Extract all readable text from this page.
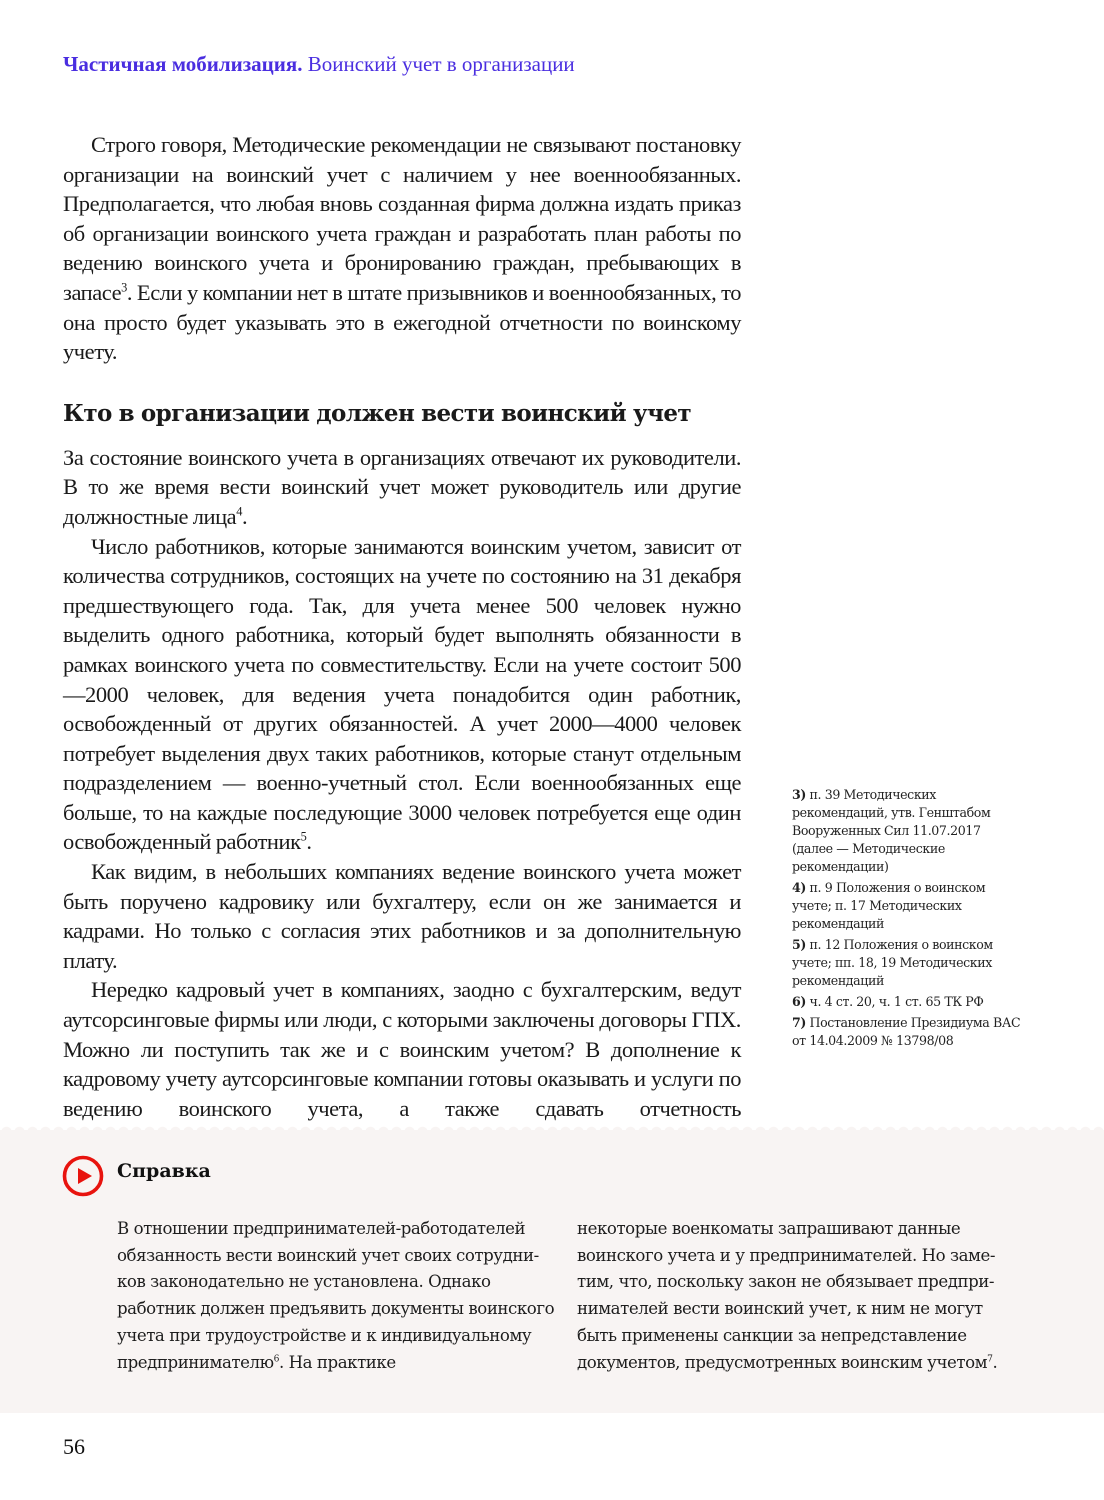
Частичная мобилизация. Воинский учет в организации

Строго говоря, Методические рекомендации не связывают постановку организации на воинский учет с наличием у нее военнообязанных. Предполагается, что любая вновь созданная фирма должна издать приказ об организации воинского учета граждан и разработать план работы по ведению воинского учета и бронированию граждан, пребывающих в запасе$^3$. Если у компании нет в штате призывников и военнообязанных, то она просто будет указывать это в ежегодной отчетности по воинскому учету.

Кто в организации должен вести воинский учет

За состояние воинского учета в организациях отвечают их руководители. В то же время вести воинский учет может руководитель или другие должностные лица$^4$.

Число работников, которые занимаются воинским учетом, зависит от количества сотрудников, состоящих на учете по состоянию на 31 декабря предшествующего года. Так, для учета менее 500 человек нужно выделить одного работника, который будет выполнять обязанности в рамках воинского учета по совместительству. Если на учете состоит 500—2000 человек, для ведения учета понадобится один работник, освобожденный от других обязанностей. А учет 2000—4000 человек потребует выделения двух таких работников, которые станут отдельным подразделением — военно-учетный стол. Если военнообязанных еще больше, то на каждые последующие 3000 человек потребуется еще один освобожденный работник$^5$.

Как видим, в небольших компаниях ведение воинского учета может быть поручено кадровику или бухгалтеру, если он же занимается и кадрами. Но только с согласия этих работников и за дополнительную плату.

Нередко кадровый учет в компаниях, заодно с бухгалтерским, ведут аутсорсинговые фирмы или люди, с которыми заключены договоры ГПХ. Можно ли поступить так же и с воинским учетом? В дополнение к кадровому учету аутсорсинговые компании готовы оказывать и услуги по ведению воинского учета, а также сдавать отчетность

3) п. 39 Методических рекомендаций, утв. Генштабом Вооруженных Сил 11.07.2017 (далее — Методические рекомендации)
4) п. 9 Положения о воинском учете; п. 17 Методических рекомендаций
5) п. 12 Положения о воинском учете; пп. 18, 19 Методических рекомендаций
6) ч. 4 ст. 20, ч. 1 ст. 65 ТК РФ
7) Постановление Президиума ВАС от 14.04.2009 № 13798/08
Справка
В отношении предпринимателей-работодателей обязанность вести воинский учет своих сотрудников законодательно не установлена. Однако работник должен предъявить документы воинского учета при трудоустройстве и к индивидуальному предпринимателю$^6$. На практике
некоторые военкоматы запрашивают данные воинского учета и у предпринимателей. Но заметим, что, поскольку закон не обязывает предпринимателей вести воинский учет, к ним не могут быть применены санкции за непредставление документов, предусмотренных воинским учетом$^7$.
56
